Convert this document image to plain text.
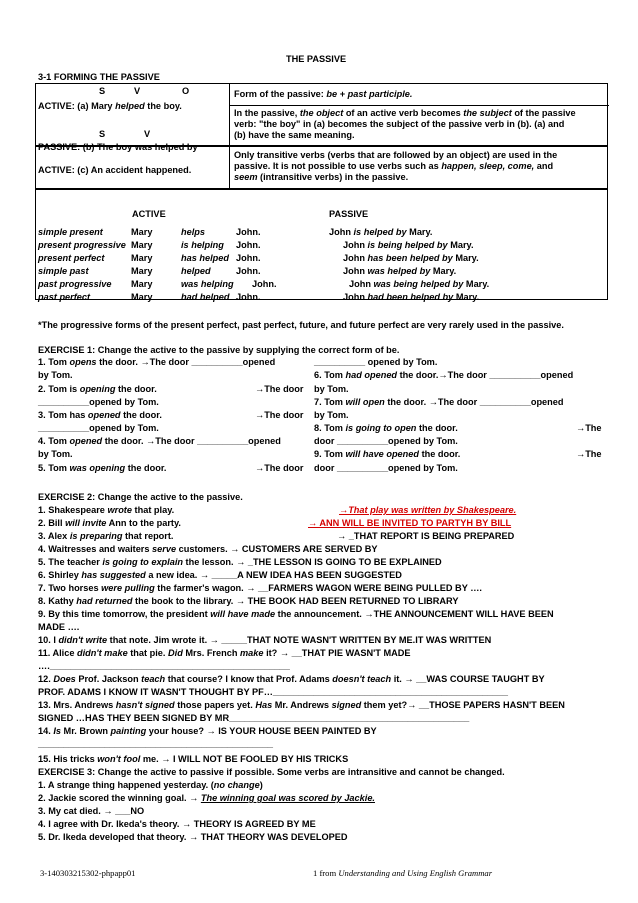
THE PASSIVE
3-1 FORMING THE PASSIVE
S	V	O
ACTIVE: (a) Mary helped the boy.
S	V
PASSIVE: (b) The boy was helped by
Form of the passive: be + past participle.
In the passive, the object of an active verb becomes the subject of the passive
verb: "the boy" in (a) becomes the subject of the passive verb in (b). (a) and
(b) have the same meaning.
ACTIVE: (c) An accident happened.
Only transitive verbs (verbs that are followed by an object) are used in the
passive. It is not possible to use verbs such as happen, sleep, come, and
seem (intransitive verbs) in the passive.
ACTIVE	PASSIVE
simple present	Mary	helps	John.	John is helped by Mary.
present progressive Mary	is helping John.	John is being helped by Mary.
present perfect	Mary	has helped John.	John has been helped by Mary.
simple past	Mary	helped	John.	John was helped by Mary.
past progressive Mary	was helping John.	John was being helped by Mary.
past perfect	Mary	had helped John.	John had been helped by Mary.
*The progressive forms of the present perfect, past perfect, future, and future perfect are very rarely used in the passive.
EXERCISE 1: Change the active to the passive by supplying the correct form of be.
1. Tom opens the door. →The door __________opened	__________ opened by Tom.
by Tom.	6. Tom had opened the door.→The door __________opened
2. Tom is opening the door.	→The door by Tom.
__________opened by Tom.	7. Tom will open the door. →The door __________opened
3. Tom has opened the door.	→The door by Tom.
__________opened by Tom.	8. Tom is going to open the door.	→The
4. Tom opened the door. →The door __________opened	door __________opened by Tom.
by Tom.	9. Tom will have opened the door.	→The
5. Tom was opening the door.	→The door door __________opened by Tom.
EXERCISE 2: Change the active to the passive.
1. Shakespeare wrote that play.	→That play was written by Shakespeare.
2. Bill will invite Ann to the party.	→ ANN WILL BE INVITED TO PARTYH BY BILL
3. Alex is preparing that report.	→ _THAT REPORT IS BEING PREPARED
4. Waitresses and waiters serve customers. → CUSTOMERS ARE SERVED BY
5. The teacher is going to explain the lesson. → _THE LESSON IS GOING TO BE EXPLAINED
6. Shirley has suggested a new idea. → _____A NEW IDEA HAS BEEN SUGGESTED
7. Two horses were pulling the farmer's wagon. → __FARMERS WAGON WERE BEING PULLED BY ….
8. Kathy had returned the book to the library. → THE BOOK HAD BEEN RETURNED TO LIBRARY
9. By this time tomorrow, the president will have made the announcement. →THE ANNOUNCEMENT WILL HAVE BEEN
MADE ….
10. I didn't write that note. Jim wrote it. → _____THAT NOTE WASN'T WRITTEN BY ME.IT WAS WRITTEN
11. Alice didn't make that pie. Did Mrs. French make it? → __THAT PIE WASN'T MADE
…._______________________________________________
12. Does Prof. Jackson teach that course? I know that Prof. Adams doesn't teach it. → __WAS COURSE TAUGHT BY
PROF. ADAMS I KNOW IT WASN'T THOUGHT BY PF…______________________________________________
13. Mrs. Andrews hasn't signed those papers yet. Has Mr. Andrews signed them yet?→ __THOSE PAPERS HASN'T BEEN
SIGNED …HAS THEY BEEN SIGNED BY MR_______________________________________________
14. Is Mr. Brown painting your house? → IS YOUR HOUSE BEEN PAINTED BY
______________________________________________
15. His tricks won't fool me. → I WILL NOT BE FOOLED BY HIS TRICKS
EXERCISE 3: Change the active to passive if possible. Some verbs are intransitive and cannot be changed.
1. A strange thing happened yesterday. (no change)
2. Jackie scored the winning goal. → The winning goal was scored by Jackie.
3. My cat died. → ___NO
4. I agree with Dr. Ikeda's theory. → THEORY IS AGREED BY ME
5. Dr. Ikeda developed that theory. → THAT THEORY WAS DEVELOPED
3-140303215302-phpapp01	1 from Understanding and Using English Grammar
